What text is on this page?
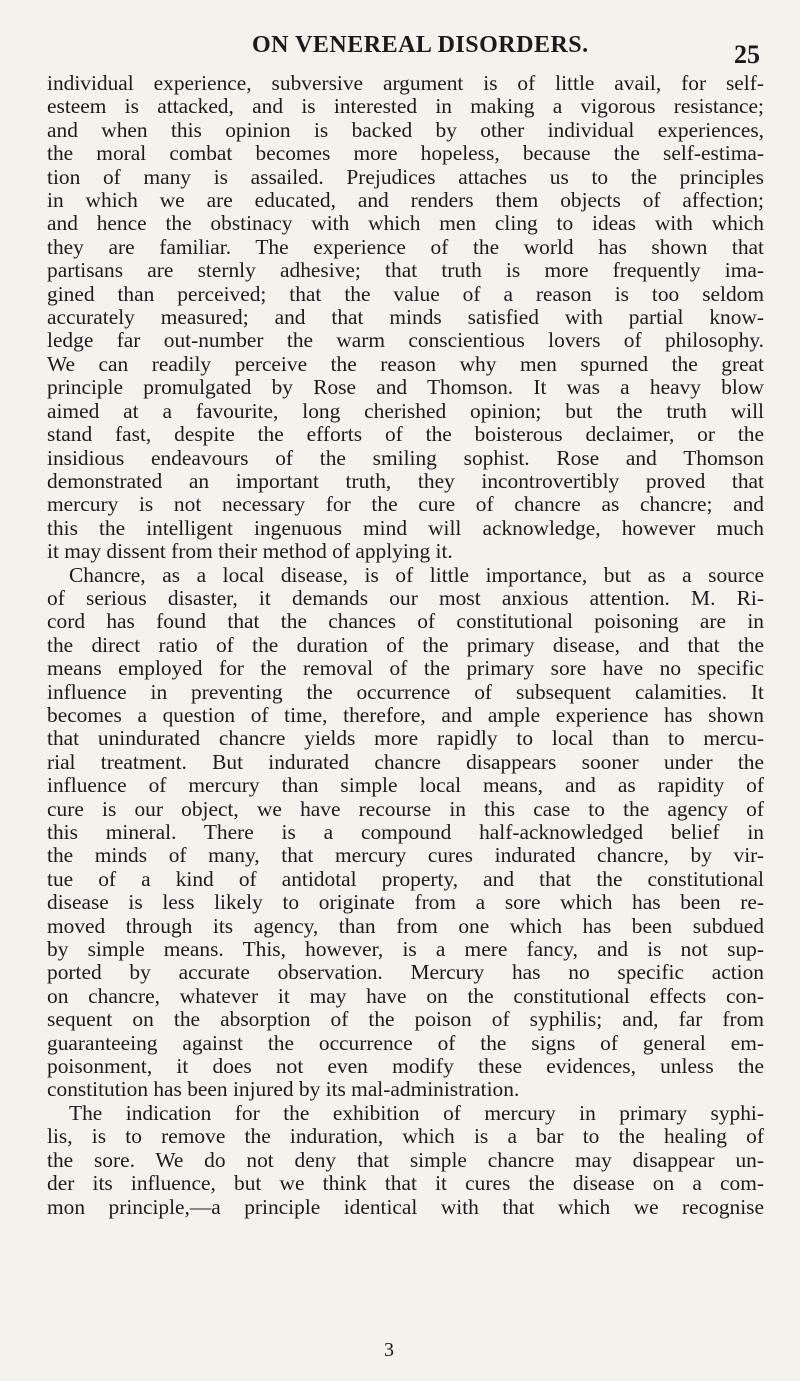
ON VENEREAL DISORDERS.	25
individual experience, subversive argument is of little avail, for self-
esteem is attacked, and is interested in making a vigorous resistance;
and when this opinion is backed by other individual experiences,
the moral combat becomes more hopeless, because the self-estima-
tion of many is assailed. Prejudices attaches us to the principles
in which we are educated, and renders them objects of affection;
and hence the obstinacy with which men cling to ideas with which
they are familiar. The experience of the world has shown that
partisans are sternly adhesive; that truth is more frequently ima-
gined than perceived; that the value of a reason is too seldom
accurately measured; and that minds satisfied with partial know-
ledge far out-number the warm conscientious lovers of philosophy.
We can readily perceive the reason why men spurned the great
principle promulgated by Rose and Thomson. It was a heavy blow
aimed at a favourite, long cherished opinion; but the truth will
stand fast, despite the efforts of the boisterous declaimer, or the
insidious endeavours of the smiling sophist. Rose and Thomson
demonstrated an important truth, they incontrovertibly proved that
mercury is not necessary for the cure of chancre as chancre; and
this the intelligent ingenuous mind will acknowledge, however much
it may dissent from their method of applying it.
Chancre, as a local disease, is of little importance, but as a source
of serious disaster, it demands our most anxious attention. M. Ri-
cord has found that the chances of constitutional poisoning are in
the direct ratio of the duration of the primary disease, and that the
means employed for the removal of the primary sore have no specific
influence in preventing the occurrence of subsequent calamities. It
becomes a question of time, therefore, and ample experience has shown
that unindurated chancre yields more rapidly to local than to mercu-
rial treatment. But indurated chancre disappears sooner under the
influence of mercury than simple local means, and as rapidity of
cure is our object, we have recourse in this case to the agency of
this mineral. There is a compound half-acknowledged belief in
the minds of many, that mercury cures indurated chancre, by vir-
tue of a kind of antidotal property, and that the constitutional
disease is less likely to originate from a sore which has been re-
moved through its agency, than from one which has been subdued
by simple means. This, however, is a mere fancy, and is not sup-
ported by accurate observation. Mercury has no specific action
on chancre, whatever it may have on the constitutional effects con-
sequent on the absorption of the poison of syphilis; and, far from
guaranteeing against the occurrence of the signs of general em-
poisonment, it does not even modify these evidences, unless the
constitution has been injured by its mal-administration.
The indication for the exhibition of mercury in primary syphi-
lis, is to remove the induration, which is a bar to the healing of
the sore. We do not deny that simple chancre may disappear un-
der its influence, but we think that it cures the disease on a com-
mon principle,—a principle identical with that which we recognise
3
